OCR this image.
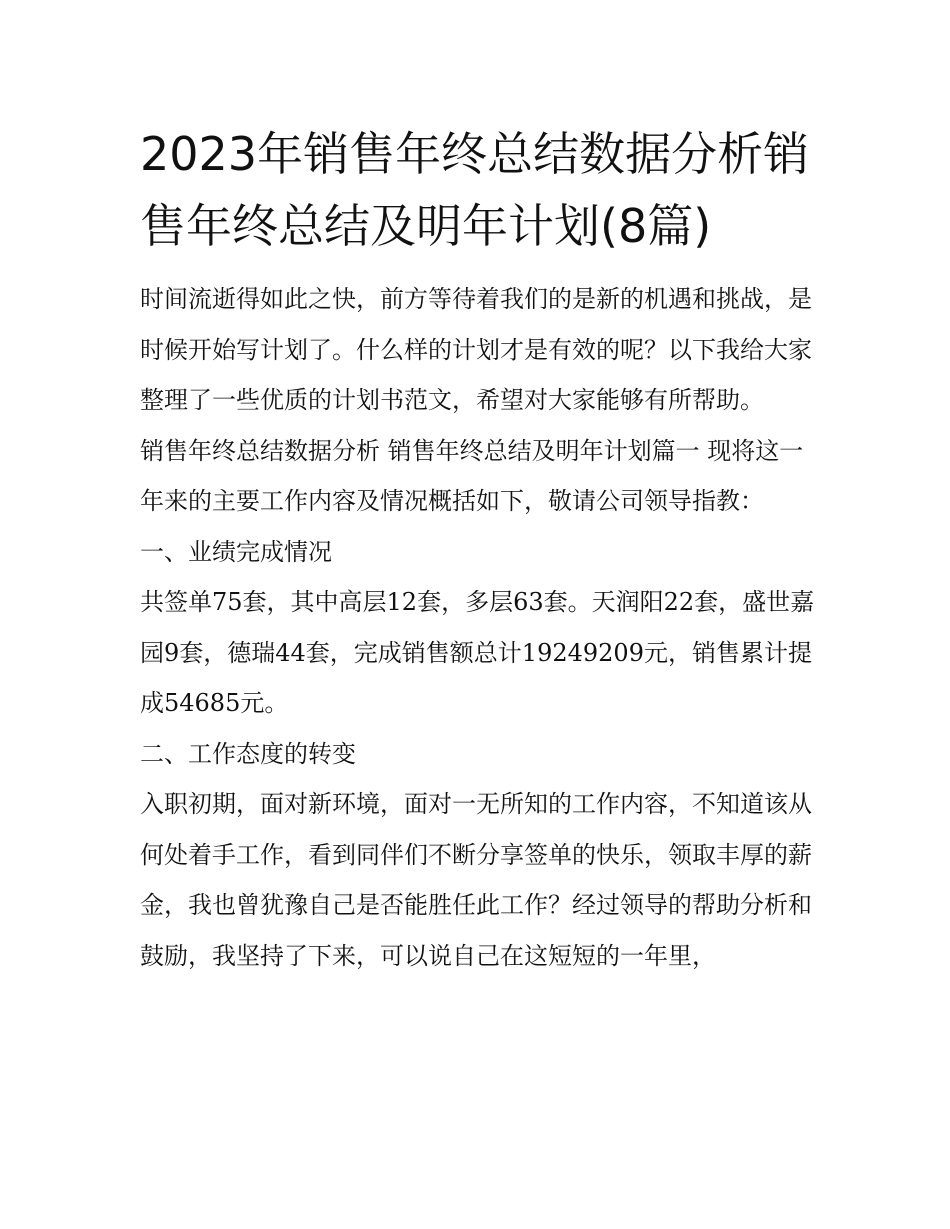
2023年销售年终总结数据分析销售年终总结及明年计划(8篇)

时间流逝得如此之快，前方等待着我们的是新的机遇和挑战，是时候开始写计划了。什么样的计划才是有效的呢？以下我给大家整理了一些优质的计划书范文，希望对大家能够有所帮助。

销售年终总结数据分析 销售年终总结及明年计划篇一 现将这一年来的主要工作内容及情况概括如下，敬请公司领导指教：

一、业绩完成情况

共签单75套，其中高层12套，多层63套。天润阳22套，盛世嘉园9套，德瑞44套，完成销售额总计19249209元，销售累计提成54685元。

二、工作态度的转变

入职初期，面对新环境，面对一无所知的工作内容，不知道该从何处着手工作，看到同伴们不断分享签单的快乐，领取丰厚的薪金，我也曾犹豫自己是否能胜任此工作？经过领导的帮助分析和鼓励，我坚持了下来，可以说自己在这短短的一年里，
